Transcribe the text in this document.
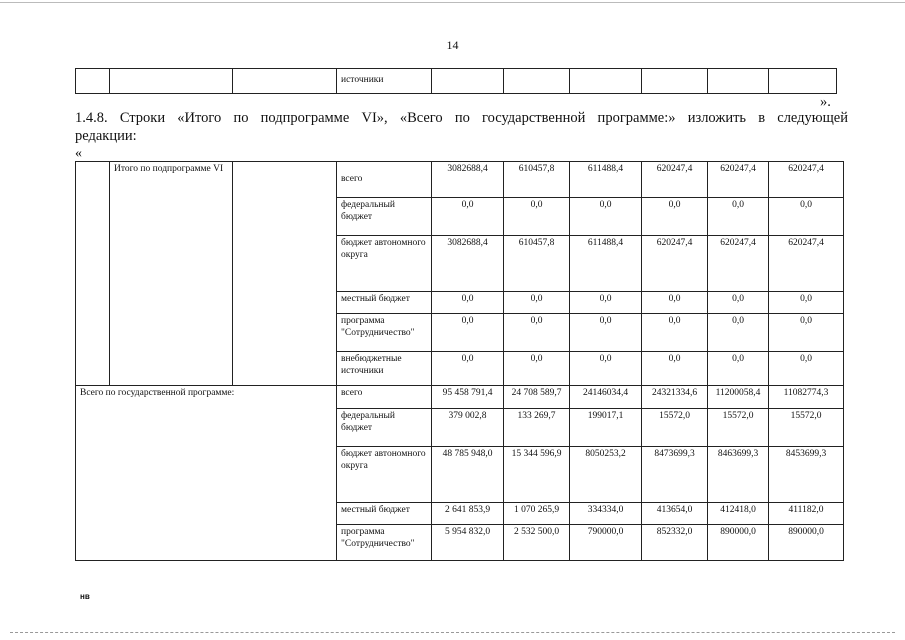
14
			источники						
».
1.4.8. Строки «Итого по подпрограмме VI», «Всего по государственной программе:» изложить в следующей
редакции:
«
	Итого по подпрограмме VI		всего	3082688,4	610457,8	611488,4	620247,4	620247,4	620247,4
			федеральный бюджет	0,0	0,0	0,0	0,0	0,0	0,0
			бюджет автономного округа	3082688,4	610457,8	611488,4	620247,4	620247,4	620247,4
			местный бюджет	0,0	0,0	0,0	0,0	0,0	0,0
			программа "Сотрудничество"	0,0	0,0	0,0	0,0	0,0	0,0
			внебюджетные источники	0,0	0,0	0,0	0,0	0,0	0,0
Всего по государственной программе:			всего	95 458 791,4	24 708 589,7	24146034,4	24321334,6	11200058,4	11082774,3
			федеральный бюджет	379 002,8	133 269,7	199017,1	15572,0	15572,0	15572,0
			бюджет автономного округа	48 785 948,0	15 344 596,9	8050253,2	8473699,3	8463699,3	8453699,3
			местный бюджет	2 641 853,9	1 070 265,9	334334,0	413654,0	412418,0	411182,0
			программа "Сотрудничество"	5 954 832,0	2 532 500,0	790000,0	852332,0	890000,0	890000,0
нв
